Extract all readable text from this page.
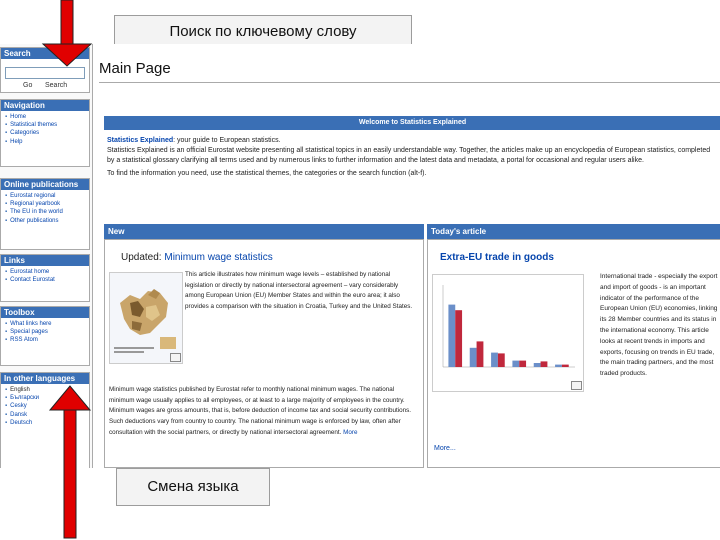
Поиск по ключевому слову
Смена языка
Search
Go Search
Navigation
▪ Home
▪ Statistical themes
▪ Categories
▪ Help
Online publications
▪ Eurostat regional
▪ Regional yearbook
▪ The EU in the world
▪ Other publications
Links
▪ Eurostat home
▪ Contact Eurostat
Toolbox
▪ What links here
▪ Special pages
▪ RSS Atom
In other languages
▪ English
▪ Български
▪ Česky
▪ Dansk
▪ Deutsch
Main Page
Welcome to Statistics Explained
Statistics Explained: your guide to European statistics.
Statistics Explained is an official Eurostat website presenting all statistical topics in an easily understandable way. Together, the articles make up an encyclopedia of European statistics, completed by a statistical glossary clarifying all terms used and by numerous links to further information and the latest data and metadata, a portal for occasional and regular users alike.
To find the information you need, use the statistical themes, the categories or the search function (alt-f).
New
Updated: Minimum wage statistics
This article illustrates how minimum wage levels – established by national legislation or directly by national intersectoral agreement – vary considerably among European Union (EU) Member States and within the euro area; it also provides a comparison with the situation in Croatia, Turkey and the United States.
Minimum wage statistics published by Eurostat refer to monthly national minimum wages. The national minimum wage usually applies to all employees, or at least to a large majority of employees in the country. Minimum wages are gross amounts, that is, before deduction of income tax and social security contributions. Such deductions vary from country to country. The national minimum wage is enforced by law, often after consultation with the social partners, or directly by national intersectoral agreement. More
Today's article
Extra-EU trade in goods
International trade - especially the export and import of goods - is an important indicator of the performance of the European Union (EU) economies, linking its 28 Member countries and its status in the international economy. This article looks at recent trends in imports and exports, focusing on trends in EU trade, the main trading partners, and the most traded products.
More...
